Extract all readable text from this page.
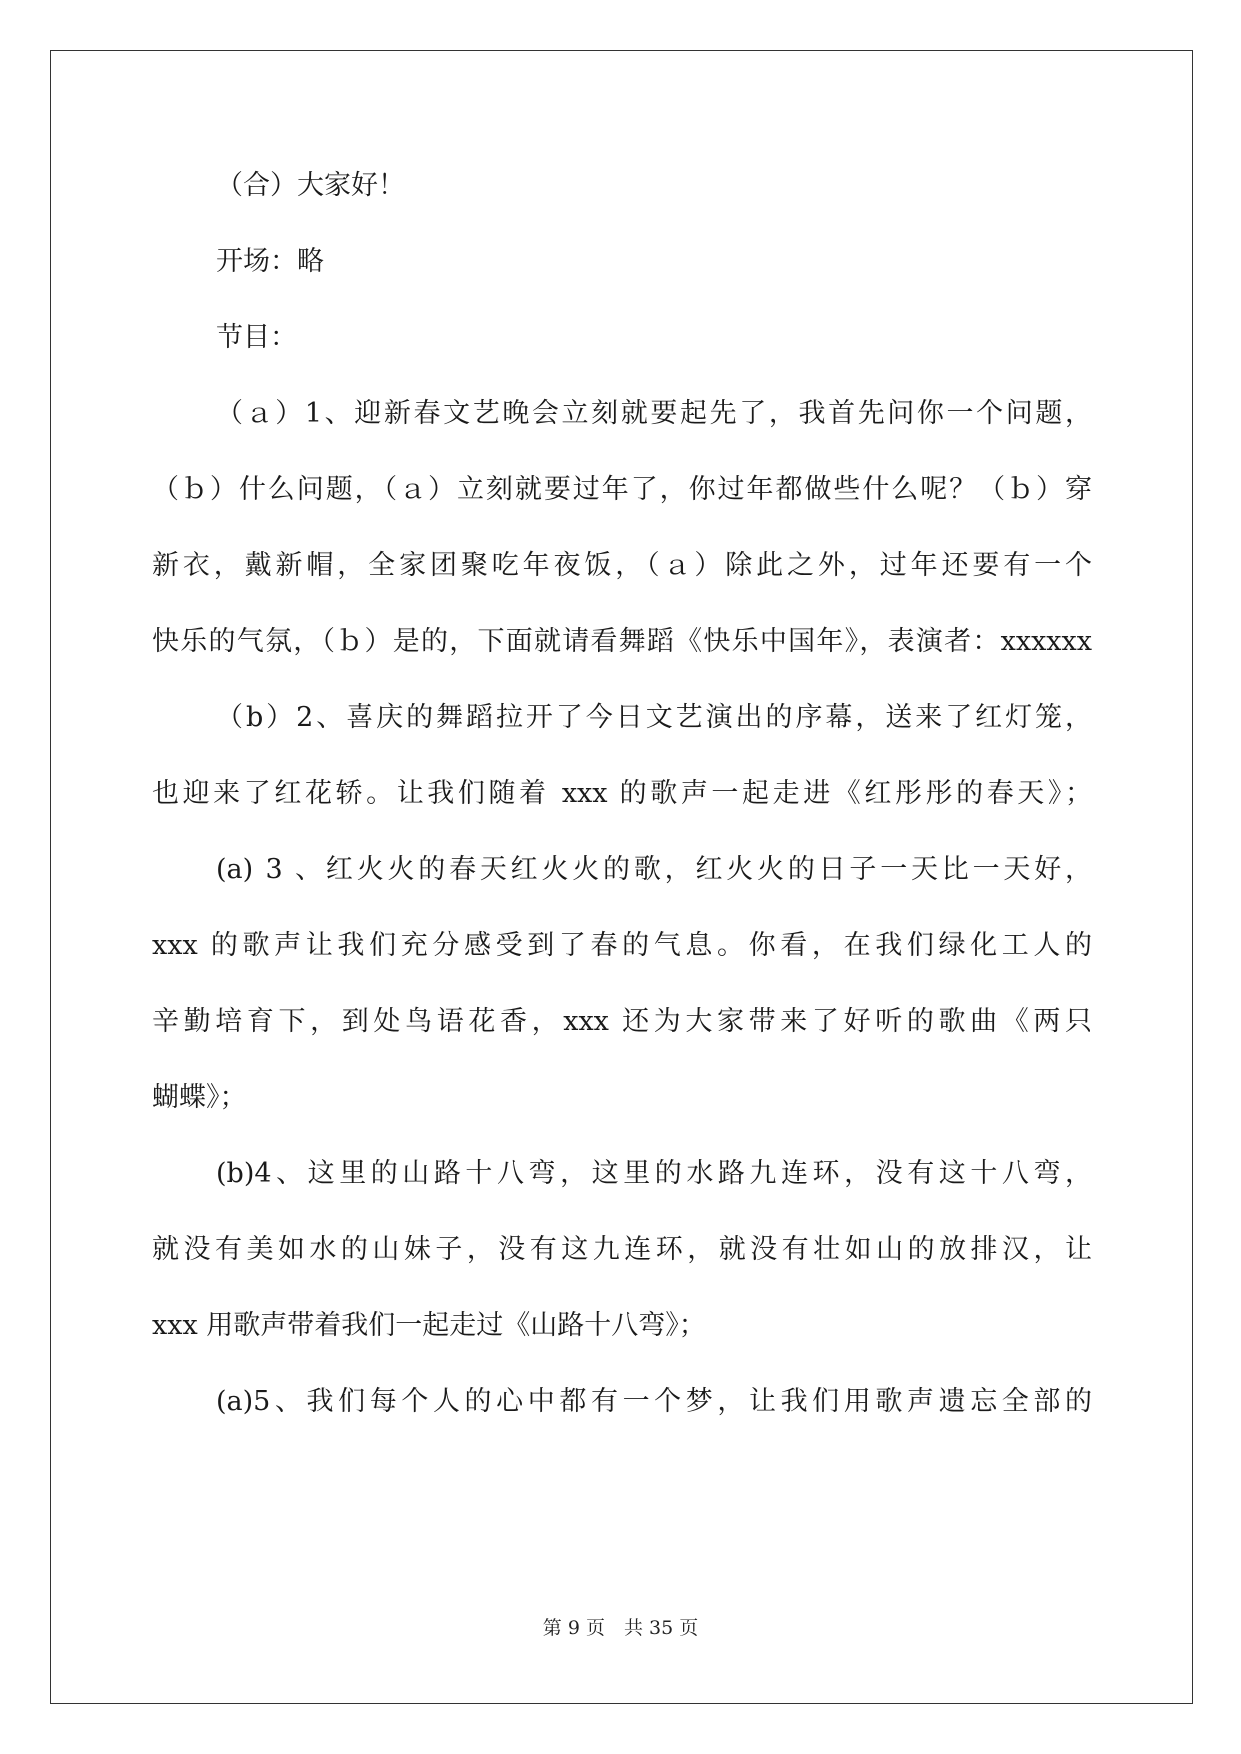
（合）大家好！
开场：略
节目：
（ａ）1、迎新春文艺晚会立刻就要起先了，我首先问你一个问题，
（ｂ）什么问题，（ａ）立刻就要过年了，你过年都做些什么呢？（ｂ）穿
新衣，戴新帽，全家团聚吃年夜饭，（ａ）除此之外，过年还要有一个
快乐的气氛，（ｂ）是的，下面就请看舞蹈《快乐中国年》，表演者：xxxxxx
（b）2、喜庆的舞蹈拉开了今日文艺演出的序幕，送来了红灯笼，
也迎来了红花轿。让我们随着 xxx 的歌声一起走进《红彤彤的春天》；
(a) 3 、红火火的春天红火火的歌，红火火的日子一天比一天好，
xxx 的歌声让我们充分感受到了春的气息。你看，在我们绿化工人的
辛勤培育下，到处鸟语花香，xxx 还为大家带来了好听的歌曲《两只
蝴蝶》；
(b)4、这里的山路十八弯，这里的水路九连环，没有这十八弯，
就没有美如水的山妹子，没有这九连环，就没有壮如山的放排汉，让
xxx 用歌声带着我们一起走过《山路十八弯》；
(a)5、我们每个人的心中都有一个梦，让我们用歌声遗忘全部的
第 9 页　共 35 页
